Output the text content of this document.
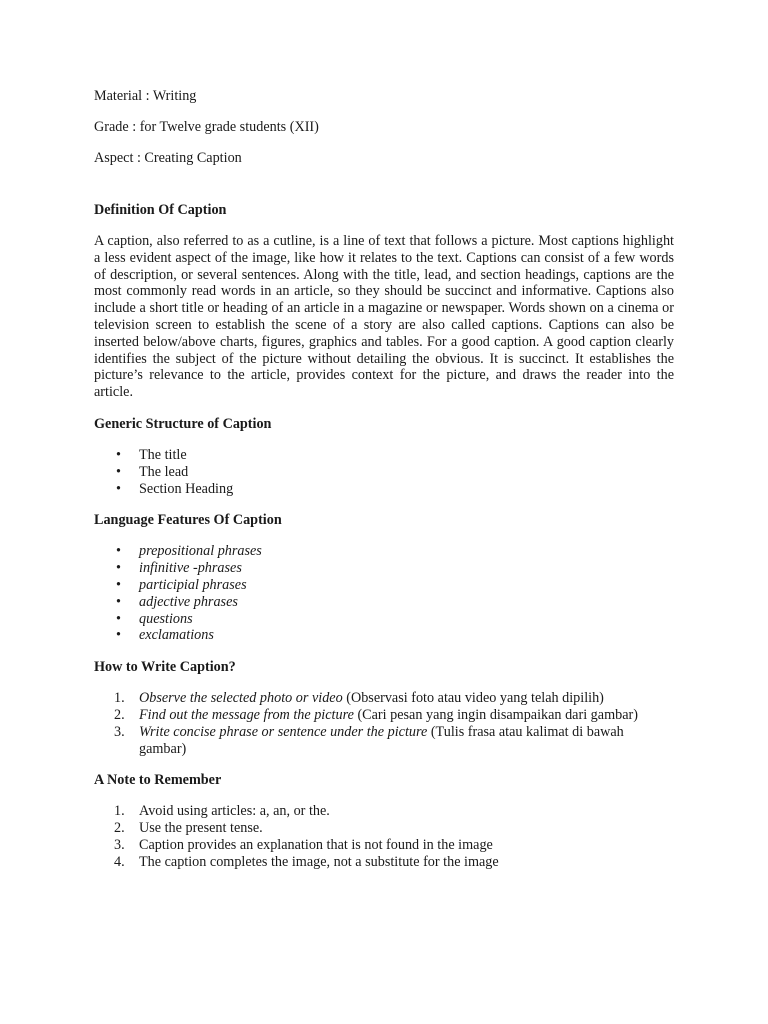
Material : Writing
Grade : for Twelve grade students (XII)
Aspect : Creating Caption
Definition Of Caption

A caption, also referred to as a cutline, is a line of text that follows a picture. Most captions highlight a less evident aspect of the image, like how it relates to the text. Captions can consist of a few words of description, or several sentences. Along with the title, lead, and section headings, captions are the most commonly read words in an article, so they should be succinct and informative. Captions also include a short title or heading of an article in a magazine or newspaper. Words shown on a cinema or television screen to establish the scene of a story are also called captions. Captions can also be inserted below/above charts, figures, graphics and tables. For a good caption. A good caption clearly identifies the subject of the picture without detailing the obvious. It is succinct. It establishes the picture’s relevance to the article, provides context for the picture, and draws the reader into the article.

Generic Structure of Caption
• The title
• The lead
• Section Heading
Language Features Of Caption
• prepositional phrases
• infinitive -phrases
• participial phrases
• adjective phrases
• questions
• exclamations
How to Write Caption?
1. Observe the selected photo or video (Observasi foto atau video yang telah dipilih)
2. Find out the message from the picture (Cari pesan yang ingin disampaikan dari gambar)
3. Write concise phrase or sentence under the picture (Tulis frasa atau kalimat di bawah gambar)
A Note to Remember
1. Avoid using articles: a, an, or the.
2. Use the present tense.
3. Caption provides an explanation that is not found in the image
4. The caption completes the image, not a substitute for the image
